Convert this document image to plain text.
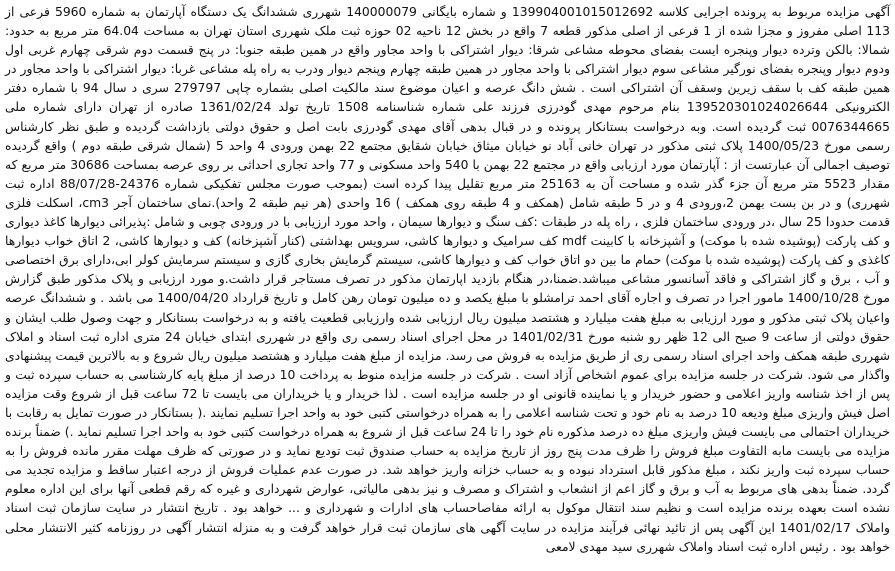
آگهی مزایده مربوط به پرونده اجرایی کلاسه 139904001015012692 و شماره بایگانی 140000079 شهرری ششدانگ یک دستگاه آپارتمان به شماره 5960 فرعی از 113 اصلی مفروز و مجزا شده از 1 فرعی از اصلی مذکور قطعه 7 واقع در بخش 12 ناحیه 02 حوزه ثبت ملک شهرری استان تهران به مساحت 64.04 متر مربع به حدود: شمالا: بالکن وترده دیوار وپنجره ایست بفضای محوطه مشاعی شرقا: دیوار اشتراکی با واحد مجاور واقع در همین طبقه جنوبا: در پنج قسمت دوم شرقی چهارم غربی اول ودوم دیوار وپنجره بفضای نورگیر مشاعی سوم دیوار اشتراکی با واحد مجاور در همین طبقه چهارم وپنجم دیوار ودرب به راه پله مشاعی غربا: دیوار اشتراکی با واحد مجاور در همین طبقه کف با سقف زیرین وسقف آن اشتراکی است . شش دانگ عرصه و اعیان موضوع سند مالکیت اصلی بشماره چاپی 279797 سری د سال 94 با شماره دفتر الکترونیکی 139520301024026644 بنام مرحوم مهدی گودرزی فرزند علی شماره شناسنامه 1508 تاریخ تولد 1361/02/24 صادره از تهران دارای شماره ملی 0076344665 ثبت گردیده است. وبه درخواست بستانکار پرونده و در قبال بدهی آقای مهدی گودرزی بابت اصل و حقوق دولتی بازداشت گردیده و طبق نظر کارشناس رسمی مورخ 1400/05/23 پلاک ثبتی مذکور در تهران خانی آباد نو خیابان میثاق خیابان شقایق مجتمع 22 بهمن ورودی 4 واحد 5 (شمال شرقی طبقه دوم ) واقع گردیده توصیف اجمالی آن عبارتست از : آپارتمان مورد ارزیابی واقع در مجتمع 22 بهمن با 540 واحد مسکونی و 77 واحد تجاری احداثی بر روی عرصه بمساحت 30686 متر مربع که مقدار 5523 متر مربع آن جزء گذر شده و مساحت آن به 25163 متر مربع تقلیل پیدا کرده است (بموجب صورت مجلس تفکیکی شماره 24376-88/07/28 اداره ثبت شهرری) و در بن بست بهمن 2،ورودی 4 و در 5 طبقه شامل (همکف و 4 طبقه روی همکف ) 16 واحدی (هر نیم طبقه 2 واحد).نمای ساختمان آجر cm3، اسکلت فلزی قدمت حدودا 25 سال ،در ورودی ساختمان فلزی ، راه پله در طبقات :کف سنگ و دیوارها سیمان ، واحد مورد ارزیابی با در ورودی چوبی و شامل :پذیرائی دیوارها کاغذ دیواری و کف پارکت (پوشیده شده با موکت) و آشپزخانه با کابینت mdf کف سرامیک و دیوارها کاشی، سرویس بهداشتی (کنار آشپزخانه) کف و دیوارها کاشی، 2 اتاق خواب دیوارها کاغذی و کف پارکت (پوشیده شده با موکت) حمام ما بین دو اتاق خواب کف و دیوارها کاشی، سیستم گرمایش بخاری گازی و سیستم سرمایش کولر ابی،دارای برق اختصاصی و آب ، برق و گاز اشتراکی و فاقد آسانسور مشاعی میباشد.ضمنا،در هنگام بازدید اپارتمان مذکور در تصرف مستاجر قرار داشت.و مورد ارزیابی و پلاک مذکور طبق گزارش مورخ 1400/10/28 مامور اجرا در تصرف و اجاره آقای احمد ترامشلو با مبلغ یکصد و ده میلیون تومان رهن کامل و تاریخ قرارداد 1400/04/20 می باشد . و ششدانگ عرصه واعیان پلاک ثبتی مذکور و مورد ارزیابی به مبلغ هفت میلیارد و هشتصد میلیون ریال ارزیابی شده وارزیابی قطعیت یافته و به درخواست بستانکار و جهت وصول طلب ایشان و حقوق دولتی از ساعت 9 صبح الی 12 ظهر رو شنبه مورخ 1401/02/31 در محل اجرای اسناد رسمی ری واقع در شهرری ابتدای خیابان 24 متری اداره ثبت اسناد و املاک شهرری طبقه همکف واحد اجرای اسناد رسمی ری از طریق مزایده به فروش می رسد. مزایده از مبلغ هفت میلیارد و هشتصد میلیون ریال شروع و به بالاترین قیمت پیشنهادی واگذار می شود. شرکت در جلسه مزایده برای عموم اشخاص آزاد است . شرکت در جلسه مزایده منوط به پرداخت 10 درصد از مبلغ پایه کارشناسی به حساب سپرده ثبت و پس از اخذ شناسه واریز اعلامی و حضور خریدار و یا نماینده قانونی او در جلسه مزایده است . لذا خریدار و یا خریداران می بایست تا 72 ساعت قبل از شروع وقت مزایده اصل فیش واریزی مبلغ ودیعه 10 درصد به نام خود و تحت شناسه اعلامی را به همراه درخواستی کتبی خود به واحد اجرا تسلیم نمایند .( بستانکار در صورت تمایل به رقابت با خریداران احتمالی می بایست فیش واریزی مبلغ ده درصد مذکوره نام خود را تا 24 ساعت قبل از شروع به همراه درخواست کتبی خود به واحد اجرا تسلیم نماید .) ضمناً برنده مزایده می بایست مابه التفاوت مبلغ فروش را ظرف مدت پنج روز از تاریخ مزایده به حساب صندوق ثبت تودیع نماید و در صورتی که ظرف مهلت مقرر مانده فروش را به حساب سپرده ثبت واریز نکند ، مبلغ مذکور قابل استرداد نبوده و به حساب خزانه واریز خواهد شد. در صورت عدم عملیات فروش از درجه اعتبار ساقط و مزایده تجدید می گردد. ضمناً بدهی های مربوط به آب و برق و گاز اعم از انشعاب و اشتراک و مصرف و نیز بدهی مالیاتی، عوارض شهرداری و غیره که رقم قطعی آنها برای این اداره معلوم نشده است بعهده برنده مزایده است و نظیم سند انتقال موکول به ارائه مفاصاحساب های ادارات و شهرداری و ... خواهد بود . تاریخ انتشار در سایت سازمان ثبت اسناد واملاک 1401/02/17 این آگهی پس از تائید نهائی فرآیند مزایده در سایت آگهی های سازمان ثبت قرار خواهد گرفت و به منزله انتشار آگهی در روزنامه کثیر الانتشار محلی خواهد بود . رئیس اداره ثبت اسناد واملاک شهرری سید مهدی لامعی
